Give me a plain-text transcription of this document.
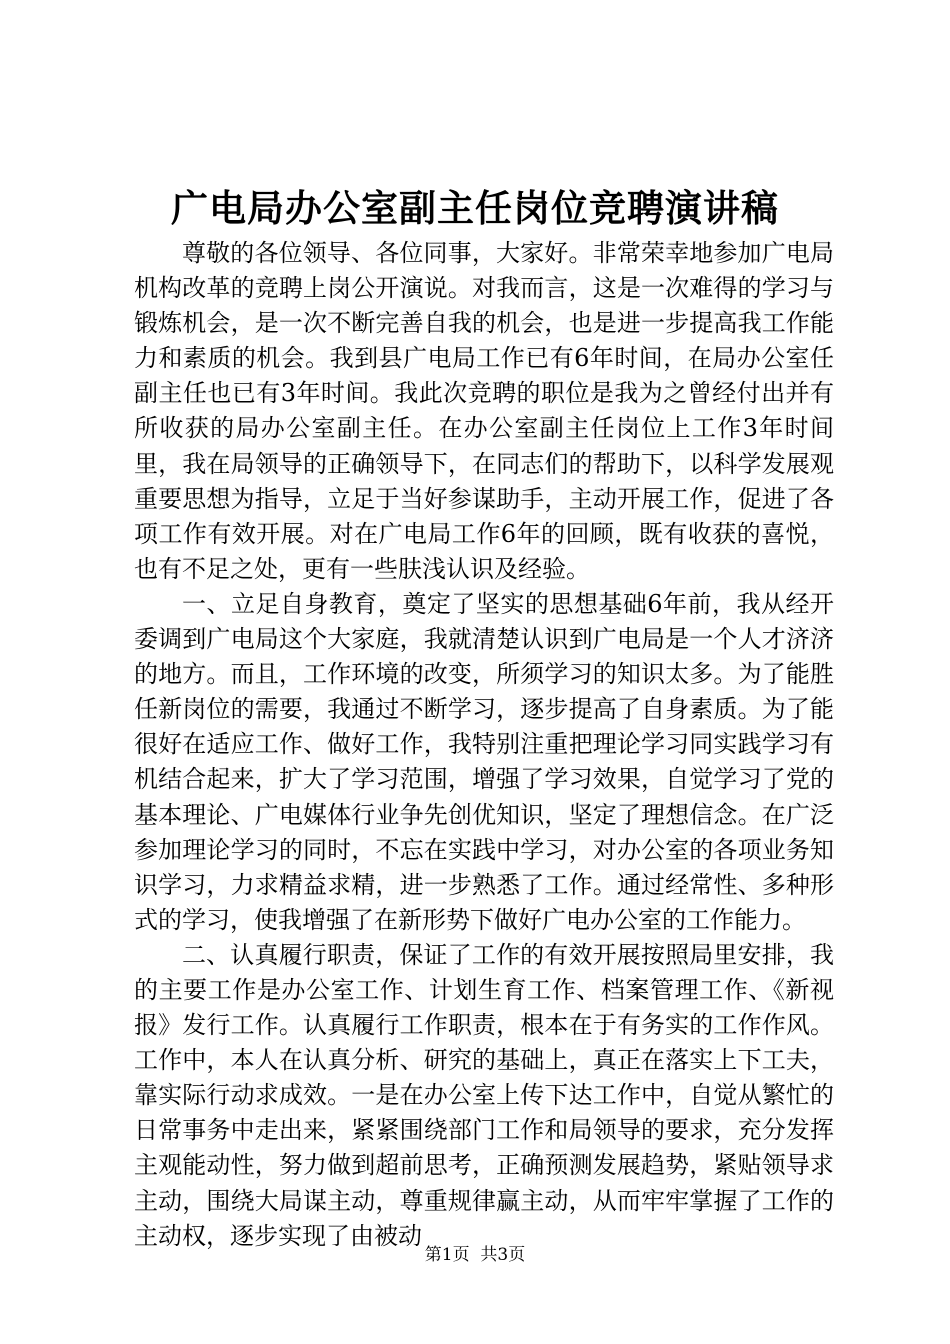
广电局办公室副主任岗位竞聘演讲稿

尊敬的各位领导、各位同事，大家好。非常荣幸地参加广电局机构改革的竞聘上岗公开演说。对我而言，这是一次难得的学习与锻炼机会，是一次不断完善自我的机会，也是进一步提高我工作能力和素质的机会。我到县广电局工作已有6年时间，在局办公室任副主任也已有3年时间。我此次竞聘的职位是我为之曾经付出并有所收获的局办公室副主任。在办公室副主任岗位上工作3年时间里，我在局领导的正确领导下，在同志们的帮助下，以科学发展观重要思想为指导，立足于当好参谋助手，主动开展工作，促进了各项工作有效开展。对在广电局工作6年的回顾，既有收获的喜悦，也有不足之处，更有一些肤浅认识及经验。

一、立足自身教育，奠定了坚实的思想基础6年前，我从经开委调到广电局这个大家庭，我就清楚认识到广电局是一个人才济济的地方。而且，工作环境的改变，所须学习的知识太多。为了能胜任新岗位的需要，我通过不断学习，逐步提高了自身素质。为了能很好在适应工作、做好工作，我特别注重把理论学习同实践学习有机结合起来，扩大了学习范围，增强了学习效果，自觉学习了党的基本理论、广电媒体行业争先创优知识，坚定了理想信念。在广泛参加理论学习的同时，不忘在实践中学习，对办公室的各项业务知识学习，力求精益求精，进一步熟悉了工作。通过经常性、多种形式的学习，使我增强了在新形势下做好广电办公室的工作能力。

二、认真履行职责，保证了工作的有效开展按照局里安排，我的主要工作是办公室工作、计划生育工作、档案管理工作、《新视报》发行工作。认真履行工作职责，根本在于有务实的工作作风。工作中，本人在认真分析、研究的基础上，真正在落实上下工夫，靠实际行动求成效。一是在办公室上传下达工作中，自觉从繁忙的日常事务中走出来，紧紧围绕部门工作和局领导的要求，充分发挥主观能动性，努力做到超前思考，正确预测发展趋势，紧贴领导求主动，围绕大局谋主动，尊重规律赢主动，从而牢牢掌握了工作的主动权，逐步实现了由被动

第1页  共3页
